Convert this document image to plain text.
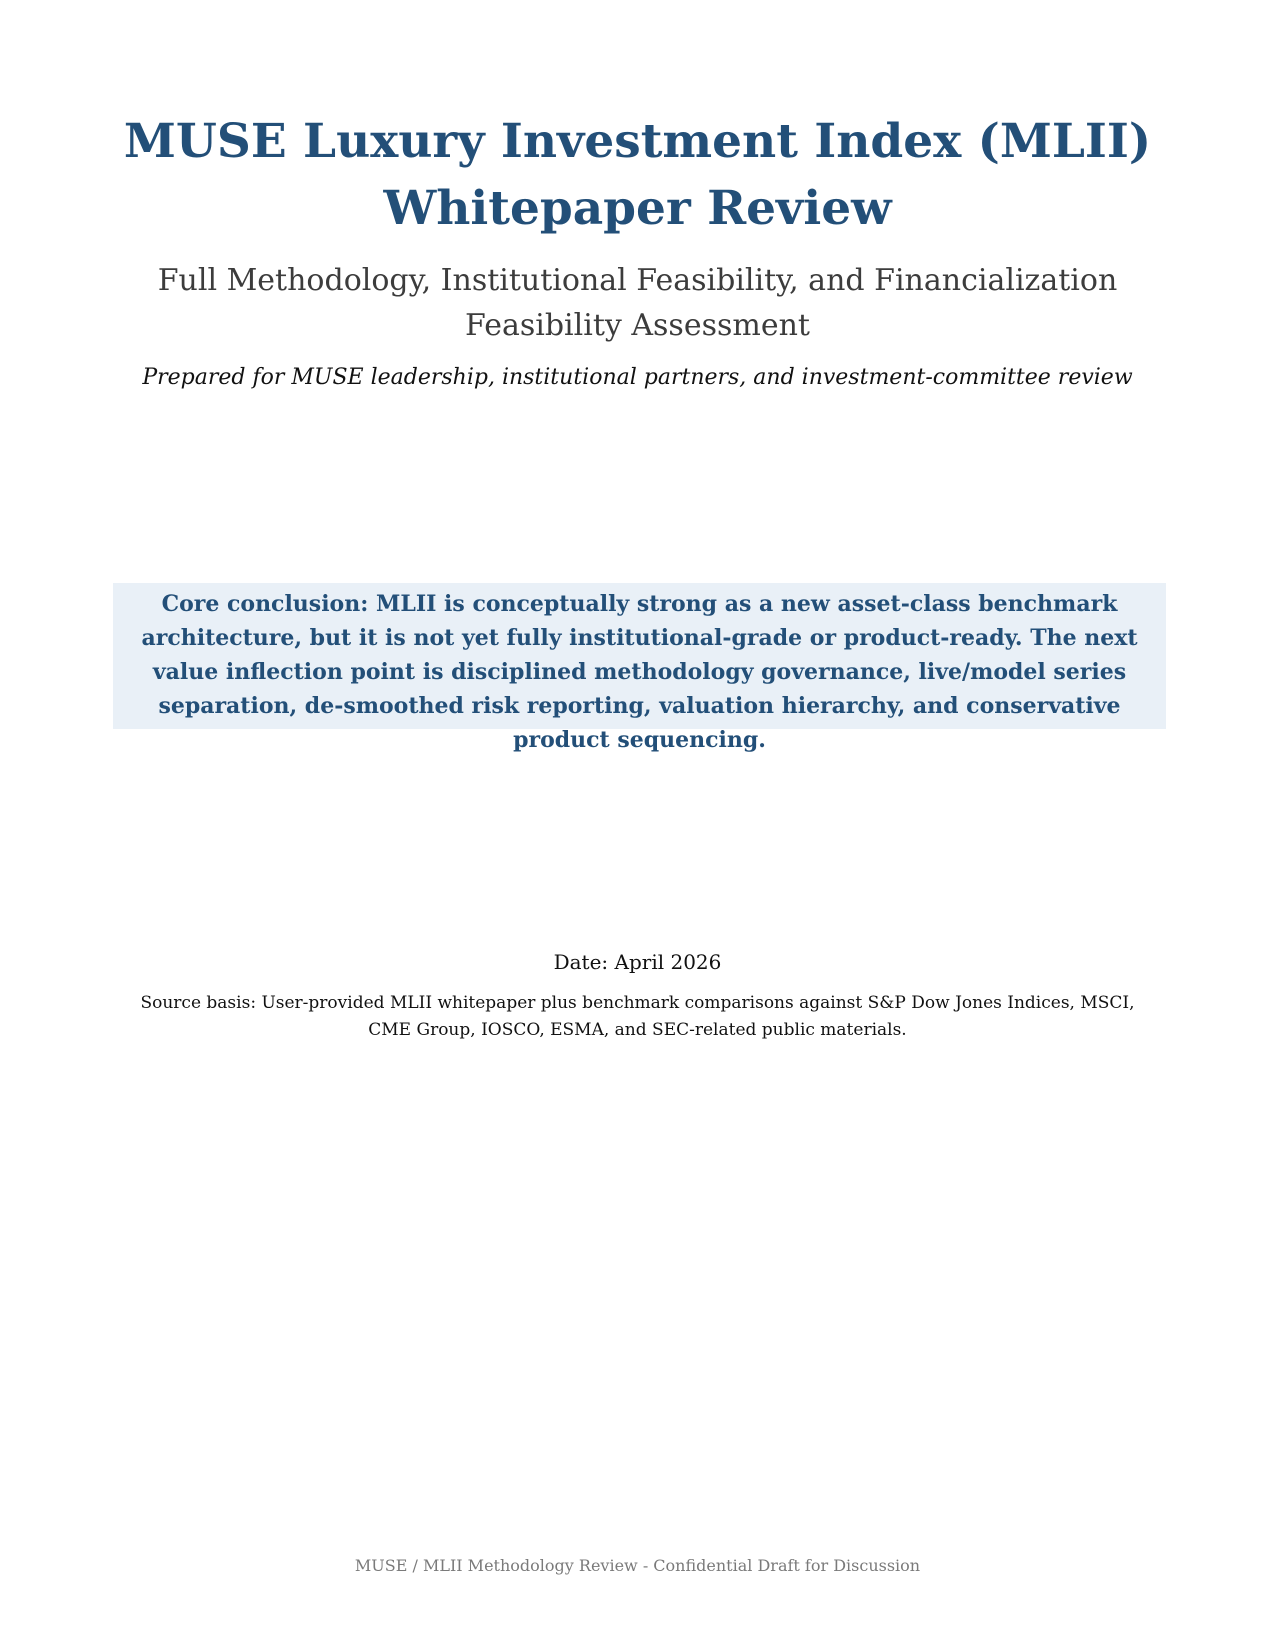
MUSE Luxury Investment Index (MLII) Whitepaper Review
Full Methodology, Institutional Feasibility, and Financialization Feasibility Assessment

Prepared for MUSE leadership, institutional partners, and investment-committee review

Core conclusion: MLII is conceptually strong as a new asset-class benchmark architecture, but it is not yet fully institutional-grade or product-ready. The next value inflection point is disciplined methodology governance, live/model series separation, de-smoothed risk reporting, valuation hierarchy, and conservative product sequencing.

Date: April 2026

Source basis: User-provided MLII whitepaper plus benchmark comparisons against S&P Dow Jones Indices, MSCI, CME Group, IOSCO, ESMA, and SEC-related public materials.

MUSE / MLII Methodology Review - Confidential Draft for Discussion
